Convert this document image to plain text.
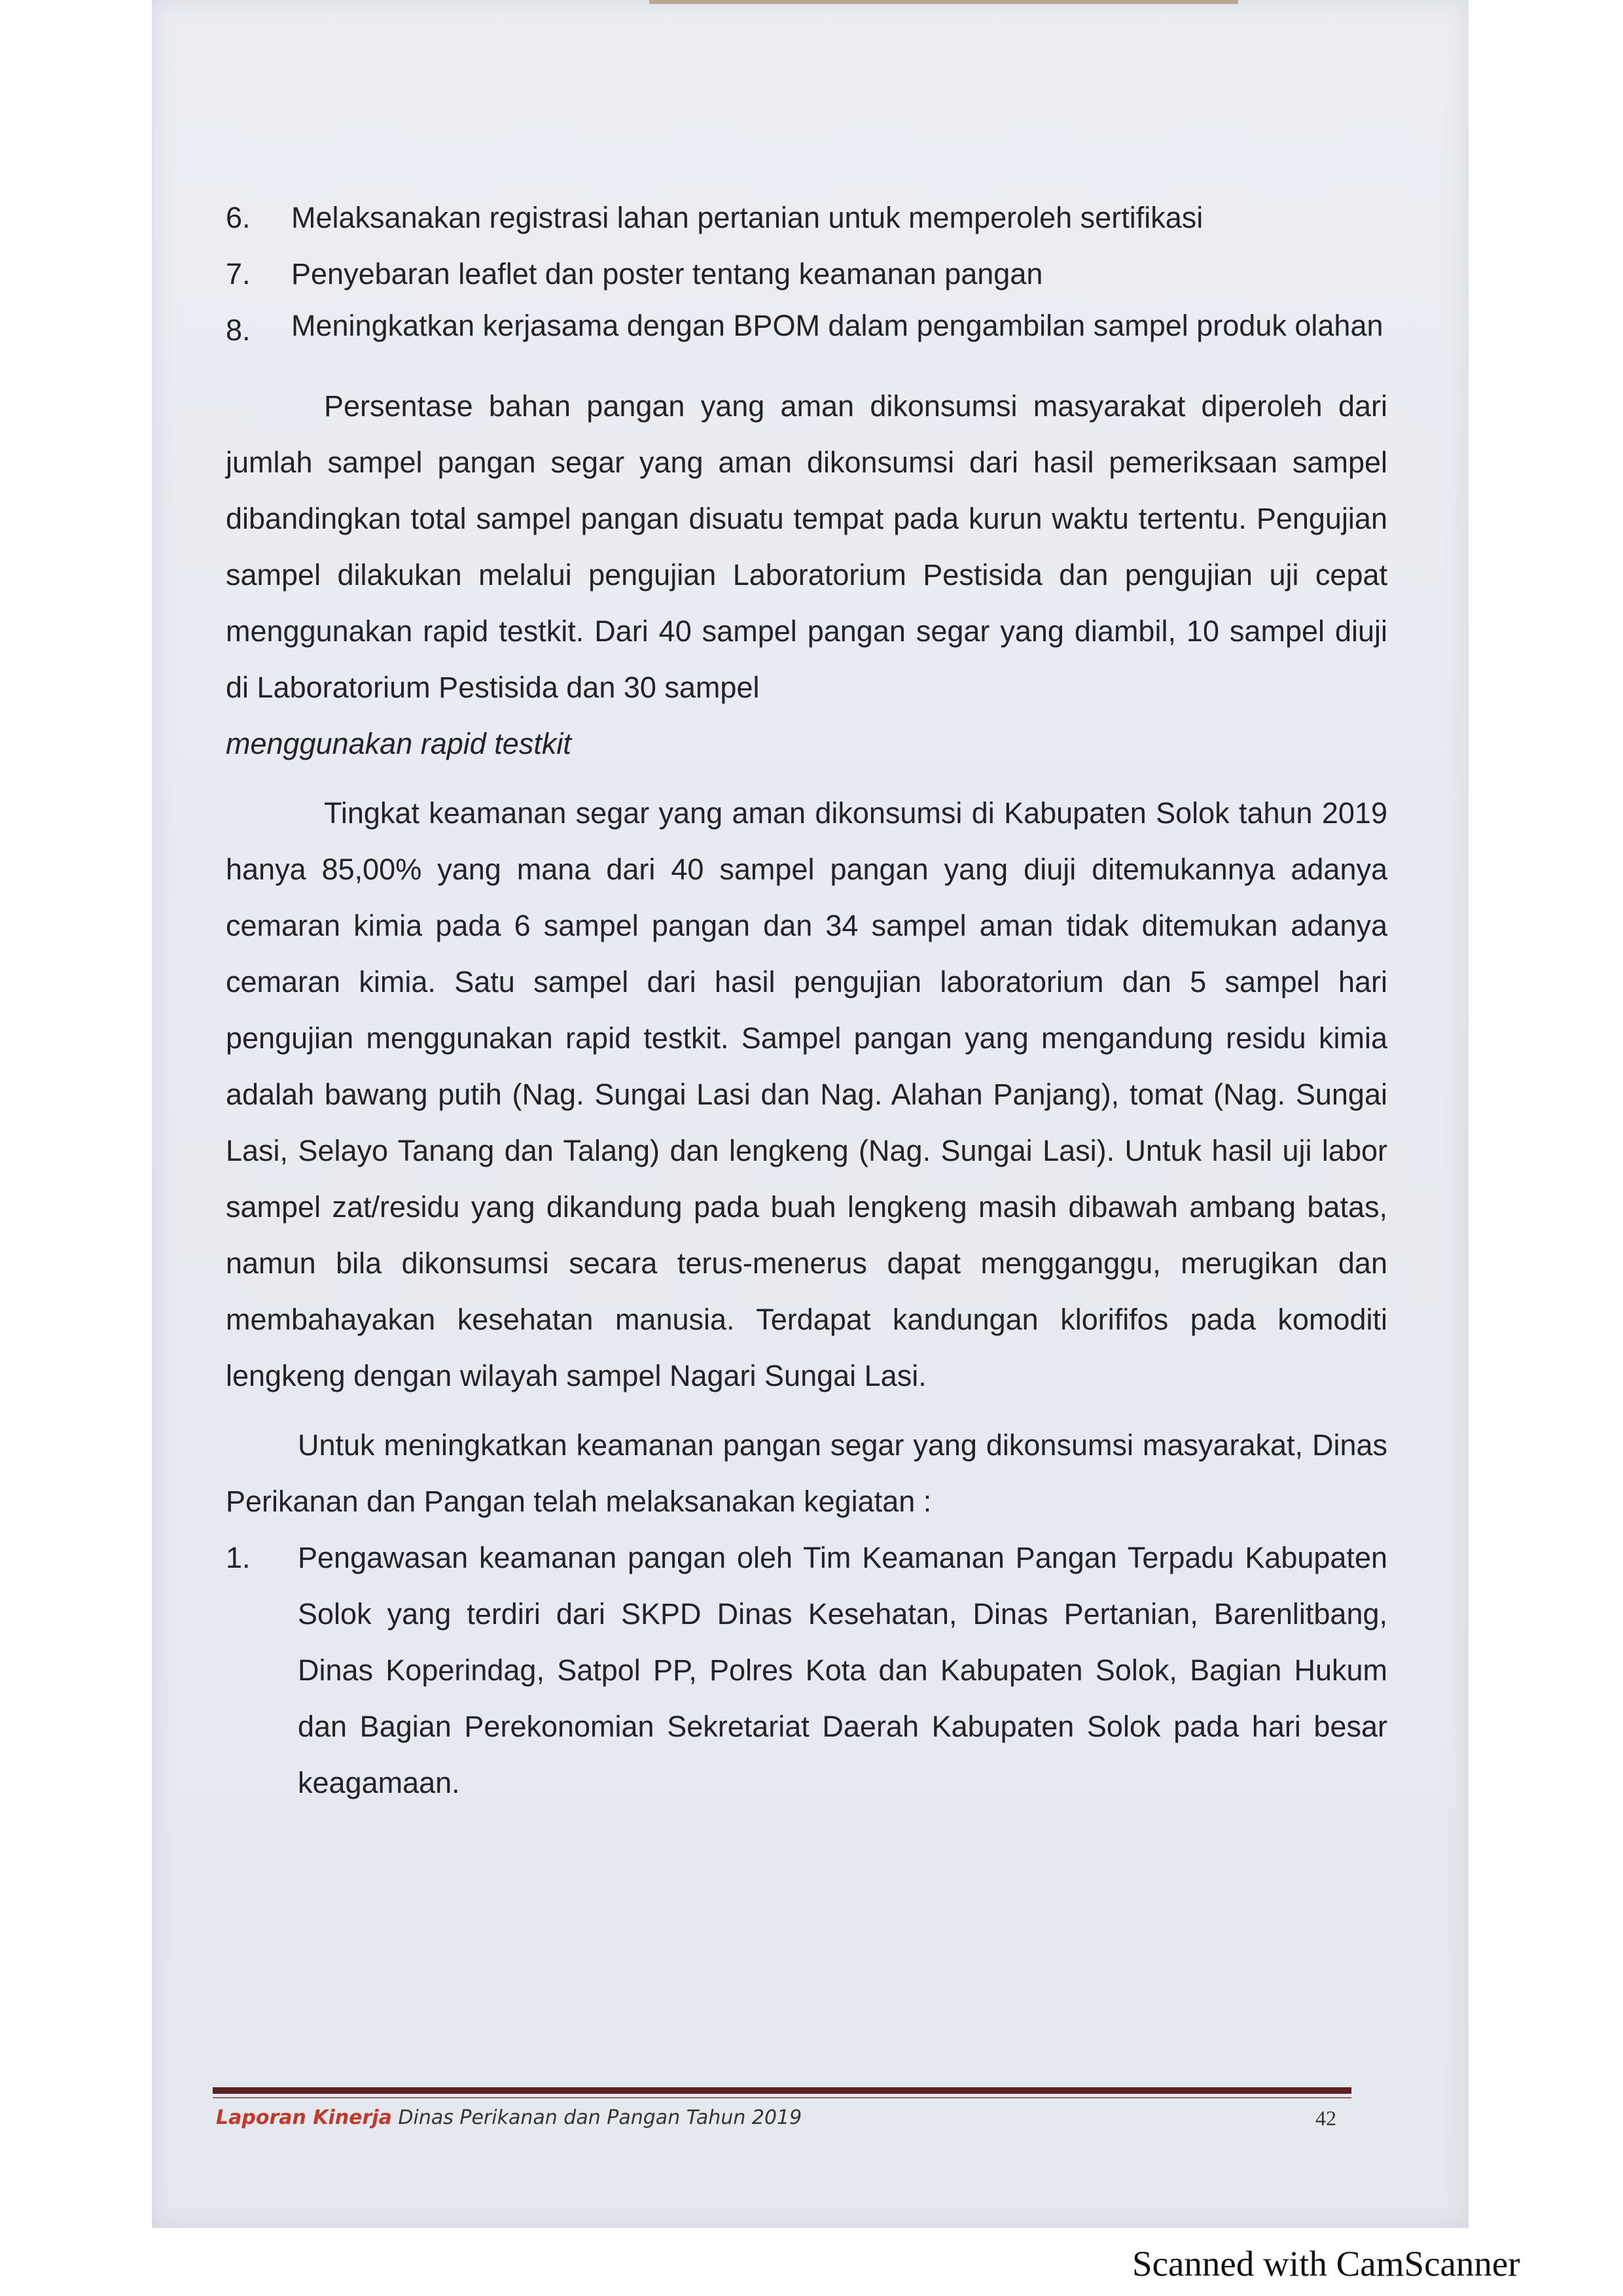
6.	Melaksanakan registrasi lahan pertanian untuk memperoleh sertifikasi
7.	Penyebaran leaflet dan poster tentang keamanan pangan
8.	Meningkatkan kerjasama dengan BPOM dalam pengambilan sampel produk olahan

Persentase bahan pangan yang aman dikonsumsi masyarakat diperoleh dari jumlah sampel pangan segar yang aman dikonsumsi dari hasil pemeriksaan sampel dibandingkan total sampel pangan disuatu tempat pada kurun waktu tertentu. Pengujian sampel dilakukan melalui pengujian Laboratorium Pestisida dan pengujian uji cepat menggunakan rapid testkit. Dari 40 sampel pangan segar yang diambil, 10 sampel diuji di Laboratorium Pestisida dan 30 sampel
menggunakan rapid testkit

Tingkat keamanan segar yang aman dikonsumsi di Kabupaten Solok tahun 2019 hanya 85,00% yang mana dari 40 sampel pangan yang diuji ditemukannya adanya cemaran kimia pada 6 sampel pangan dan 34 sampel aman tidak ditemukan adanya cemaran kimia. Satu sampel dari hasil pengujian laboratorium dan 5 sampel hari pengujian menggunakan rapid testkit. Sampel pangan yang mengandung residu kimia adalah bawang putih (Nag. Sungai Lasi dan Nag. Alahan Panjang), tomat (Nag. Sungai Lasi, Selayo Tanang dan Talang) dan lengkeng (Nag. Sungai Lasi). Untuk hasil uji labor sampel zat/residu yang dikandung pada buah lengkeng masih dibawah ambang batas, namun bila dikonsumsi secara terus-menerus dapat mengganggu, merugikan dan membahayakan kesehatan manusia. Terdapat kandungan klorififos pada komoditi lengkeng dengan wilayah sampel Nagari Sungai Lasi.

Untuk meningkatkan keamanan pangan segar yang dikonsumsi masyarakat, Dinas Perikanan dan Pangan telah melaksanakan kegiatan :

1.	Pengawasan keamanan pangan oleh Tim Keamanan Pangan Terpadu Kabupaten Solok yang terdiri dari SKPD Dinas Kesehatan, Dinas Pertanian, Barenlitbang, Dinas Koperindag, Satpol PP, Polres Kota dan Kabupaten Solok, Bagian Hukum dan Bagian Perekonomian Sekretariat Daerah Kabupaten Solok pada hari besar keagamaan.
Laporan Kinerja Dinas Perikanan dan Pangan Tahun 2019	42
Scanned with CamScanner
